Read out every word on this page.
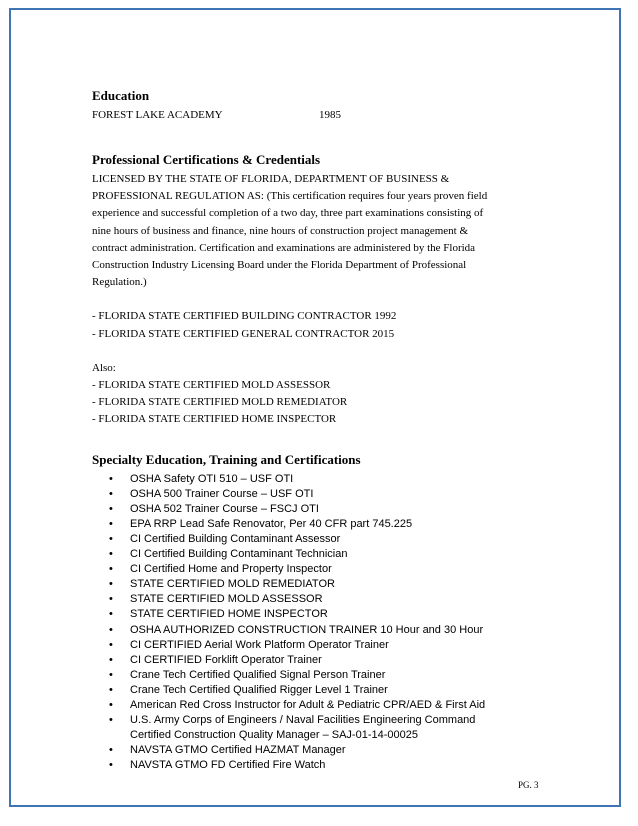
Education
FOREST LAKE ACADEMY	1985
Professional Certifications & Credentials
LICENSED BY THE STATE OF FLORIDA, DEPARTMENT OF BUSINESS &
PROFESSIONAL REGULATION AS: (This certification requires four years proven field
experience and successful completion of a two day, three part examinations consisting of
nine hours of business and finance, nine hours of construction project management &
contract administration. Certification and examinations are administered by the Florida
Construction Industry Licensing Board under the Florida Department of Professional
Regulation.)
- FLORIDA STATE CERTIFIED BUILDING CONTRACTOR 1992
- FLORIDA STATE CERTIFIED GENERAL CONTRACTOR 2015
Also:
- FLORIDA STATE CERTIFIED MOLD ASSESSOR
- FLORIDA STATE CERTIFIED MOLD REMEDIATOR
- FLORIDA STATE CERTIFIED HOME INSPECTOR
Specialty Education, Training and Certifications
• OSHA Safety OTI 510 – USF OTI
• OSHA 500 Trainer Course – USF OTI
• OSHA 502 Trainer Course – FSCJ OTI
• EPA RRP Lead Safe Renovator, Per 40 CFR part 745.225
• CI Certified Building Contaminant Assessor
• CI Certified Building Contaminant Technician
• CI Certified Home and Property Inspector
• STATE CERTIFIED MOLD REMEDIATOR
• STATE CERTIFIED MOLD ASSESSOR
• STATE CERTIFIED HOME INSPECTOR
• OSHA AUTHORIZED CONSTRUCTION TRAINER 10 Hour and 30 Hour
• CI CERTIFIED Aerial Work Platform Operator Trainer
• CI CERTIFIED Forklift Operator Trainer
• Crane Tech Certified Qualified Signal Person Trainer
• Crane Tech Certified Qualified Rigger Level 1 Trainer
• American Red Cross Instructor for Adult & Pediatric CPR/AED & First Aid
• U.S. Army Corps of Engineers / Naval Facilities Engineering Command
Certified Construction Quality Manager – SAJ-01-14-00025
• NAVSTA GTMO Certified HAZMAT Manager
• NAVSTA GTMO FD Certified Fire Watch
PG. 3
